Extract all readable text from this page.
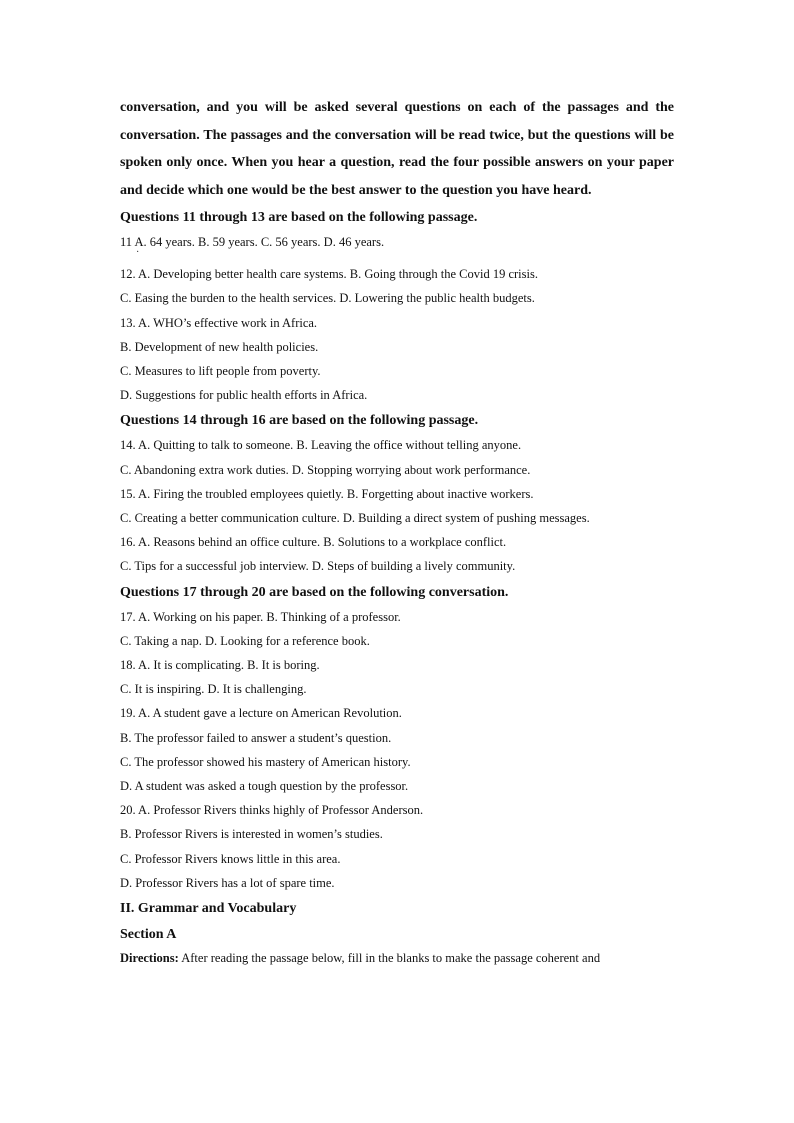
conversation, and you will be asked several questions on each of the passages and the conversation. The passages and the conversation will be read twice, but the questions will be spoken only once. When you hear a question, read the four possible answers on your paper and decide which one would be the best answer to the question you have heard.

Questions 11 through 13 are based on the following passage.

11 A. 64 years. B. 59 years. C. 56 years. D. 46 years.

·

12. A. Developing better health care systems. B. Going through the Covid 19 crisis.

C. Easing the burden to the health services. D. Lowering the public health budgets.

13. A. WHO’s effective work in Africa.

B. Development of new health policies.

C. Measures to lift people from poverty.

D. Suggestions for public health efforts in Africa.

Questions 14 through 16 are based on the following passage.

14. A. Quitting to talk to someone. B. Leaving the office without telling anyone.

C. Abandoning extra work duties. D. Stopping worrying about work performance.

15. A. Firing the troubled employees quietly. B. Forgetting about inactive workers.

C. Creating a better communication culture. D. Building a direct system of pushing messages.

16. A. Reasons behind an office culture. B. Solutions to a workplace conflict.

C. Tips for a successful job interview. D. Steps of building a lively community.

Questions 17 through 20 are based on the following conversation.

17. A. Working on his paper. B. Thinking of a professor.

C. Taking a nap. D. Looking for a reference book.

18. A. It is complicating. B. It is boring.

C. It is inspiring. D. It is challenging.

19. A. A student gave a lecture on American Revolution.

B. The professor failed to answer a student’s question.

C. The professor showed his mastery of American history.

D. A student was asked a tough question by the professor.

20. A. Professor Rivers thinks highly of Professor Anderson.

B. Professor Rivers is interested in women’s studies.

C. Professor Rivers knows little in this area.

D. Professor Rivers has a lot of spare time.

II. Grammar and Vocabulary

Section A

Directions: After reading the passage below, fill in the blanks to make the passage coherent and
